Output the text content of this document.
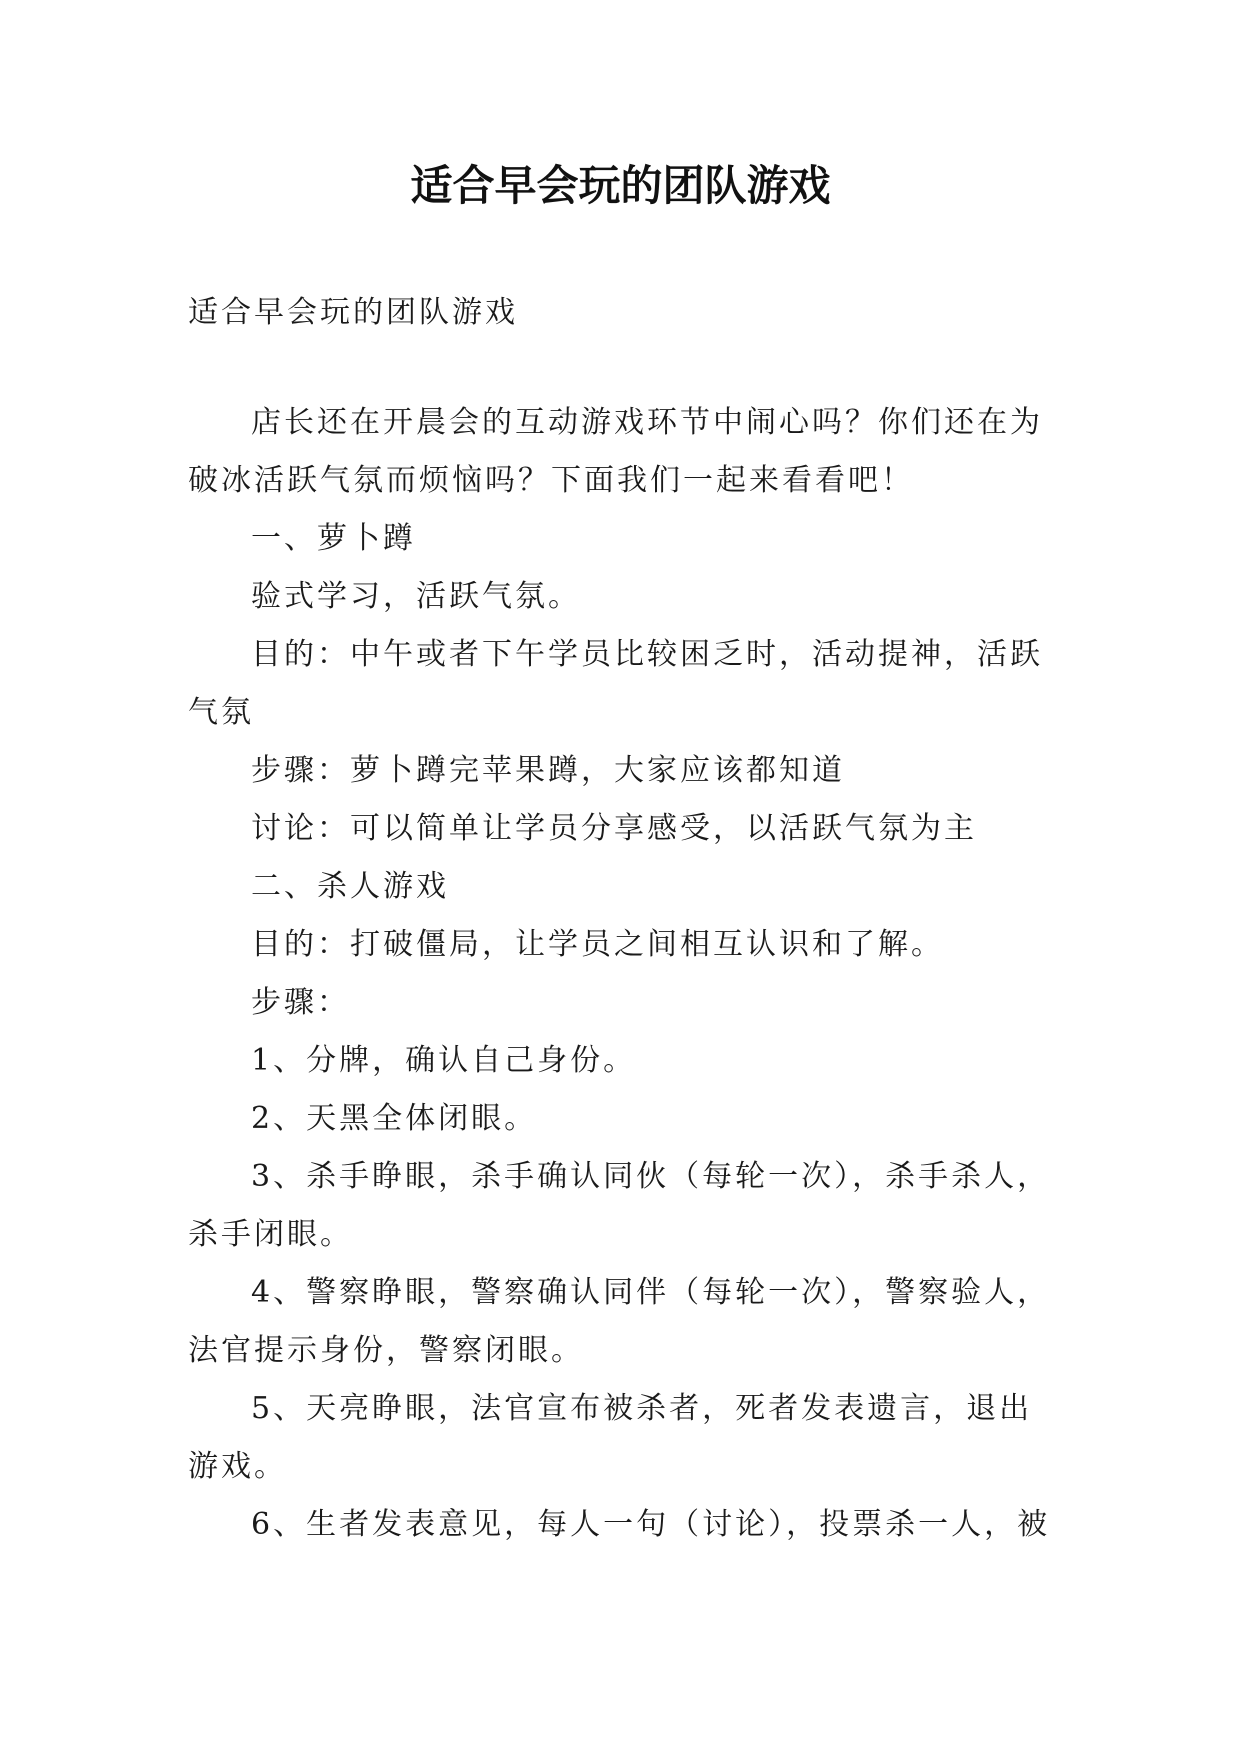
适合早会玩的团队游戏

适合早会玩的团队游戏

店长还在开晨会的互动游戏环节中闹心吗？你们还在为破冰活跃气氛而烦恼吗？下面我们一起来看看吧！

一、萝卜蹲

验式学习，活跃气氛。

目的：中午或者下午学员比较困乏时，活动提神，活跃气氛

步骤：萝卜蹲完苹果蹲，大家应该都知道

讨论：可以简单让学员分享感受，以活跃气氛为主

二、杀人游戏

目的：打破僵局，让学员之间相互认识和了解。

步骤：

1、分牌，确认自己身份。

2、天黑全体闭眼。

3、杀手睁眼，杀手确认同伙（每轮一次），杀手杀人，杀手闭眼。

4、警察睁眼，警察确认同伴（每轮一次），警察验人，法官提示身份，警察闭眼。

5、天亮睁眼，法官宣布被杀者，死者发表遗言，退出游戏。

6、生者发表意见，每人一句（讨论），投票杀一人，被
